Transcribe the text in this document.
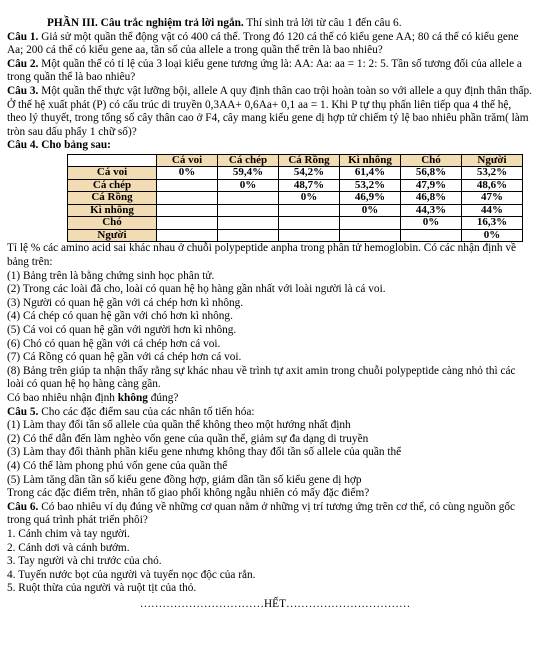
PHẦN III. Câu trắc nghiệm trả lời ngắn. Thí sinh trả lời từ câu 1 đến câu 6.

Câu 1. Giả sử một quần thể động vật có 400 cá thể. Trong đó 120 cá thể có kiểu gene AA; 80 cá thể có kiểu gene Aa; 200 cá thể có kiểu gene aa, tần số của allele a trong quần thể trên là bao nhiêu?

Câu 2. Một quần thể có tỉ lệ của 3 loại kiểu gene tương ứng là: AA: Aa: aa = 1: 2: 5. Tần số tương đối của allele a trong quần thể là bao nhiêu?

Câu 3. Một quần thể thực vật lưỡng bội, allele A quy định thân cao trội hoàn toàn so với allele a quy định thân thấp. Ở thế hệ xuất phát (P) có cấu trúc di truyền 0,3AA+ 0,6Aa+ 0,1 aa = 1. Khi P tự thụ phấn liên tiếp qua 4 thế hệ, theo lý thuyết, trong tổng số cây thân cao ở F4, cây mang kiểu gene dị hợp tử chiếm tỷ lệ bao nhiêu phần trăm( làm tròn sau dấu phẩy 1 chữ số)?

Câu 4. Cho bảng sau:

	Cá voi	Cá chép	Cá Rồng	Kì nhông	Chó	Người
Cá voi	0%	59,4%	54,2%	61,4%	56,8%	53,2%
Cá chép		0%	48,7%	53,2%	47,9%	48,6%
Cá Rồng			0%	46,9%	46,8%	47%
Kì nhông				0%	44,3%	44%
Chó					0%	16,3%
Người						0%

Tỉ lệ % các amino acid sai khác nhau ở chuỗi polypeptide anpha trong phân tử hemoglobin. Có các nhận định về bảng trên:

(1) Bảng trên là bằng chứng sinh học phân tử.

(2) Trong các loài đã cho, loài có quan hệ họ hàng gần nhất với loài người là cá voi.

(3) Người có quan hệ gần với cá chép hơn kì nhông.

(4) Cá chép có quan hệ gần với chó hơn kì nhông.

(5) Cá voi có quan hệ gần với người hơn kì nhông.

(6) Chó có quan hệ gần với cá chép hơn cá voi.

(7) Cá Rồng có quan hệ gần với cá chép hơn cá voi.

(8) Bảng trên giúp ta nhận thấy rằng sự khác nhau về trình tự axit amin trong chuỗi polypeptide càng nhỏ thì các loài có quan hệ họ hàng càng gần.

Có bao nhiêu nhận định không đúng?

Câu 5. Cho các đặc điểm sau của các nhân tố tiến hóa:

(1) Làm thay đổi tần số allele của quần thể không theo một hướng nhất định

(2) Có thể dẫn đến làm nghèo vốn gene của quần thể, giảm sự đa dạng di truyền

(3) Làm thay đổi thành phần kiểu gene nhưng không thay đổi tần số allele của quần thể

(4) Có thể làm phong phú vốn gene của quần thể

(5) Làm tăng dần tần số kiểu gene đồng hợp, giảm dần tần số kiểu gene dị hợp

Trong các đặc điểm trên, nhân tố giao phối không ngẫu nhiên có mấy đặc điểm?

Câu 6. Có bao nhiêu ví dụ đúng về những cơ quan nằm ở những vị trí tương ứng trên cơ thể, có cùng nguồn gốc trong quá trình phát triển phôi?

1. Cánh chim và tay người.

2. Cánh dơi và cánh bướm.

3. Tay người và chi trước của chó.

4. Tuyến nước bọt của người và tuyến nọc độc của rắn.

5. Ruột thừa của người và ruột tịt của thỏ.

……………………………HẾT……………………………
